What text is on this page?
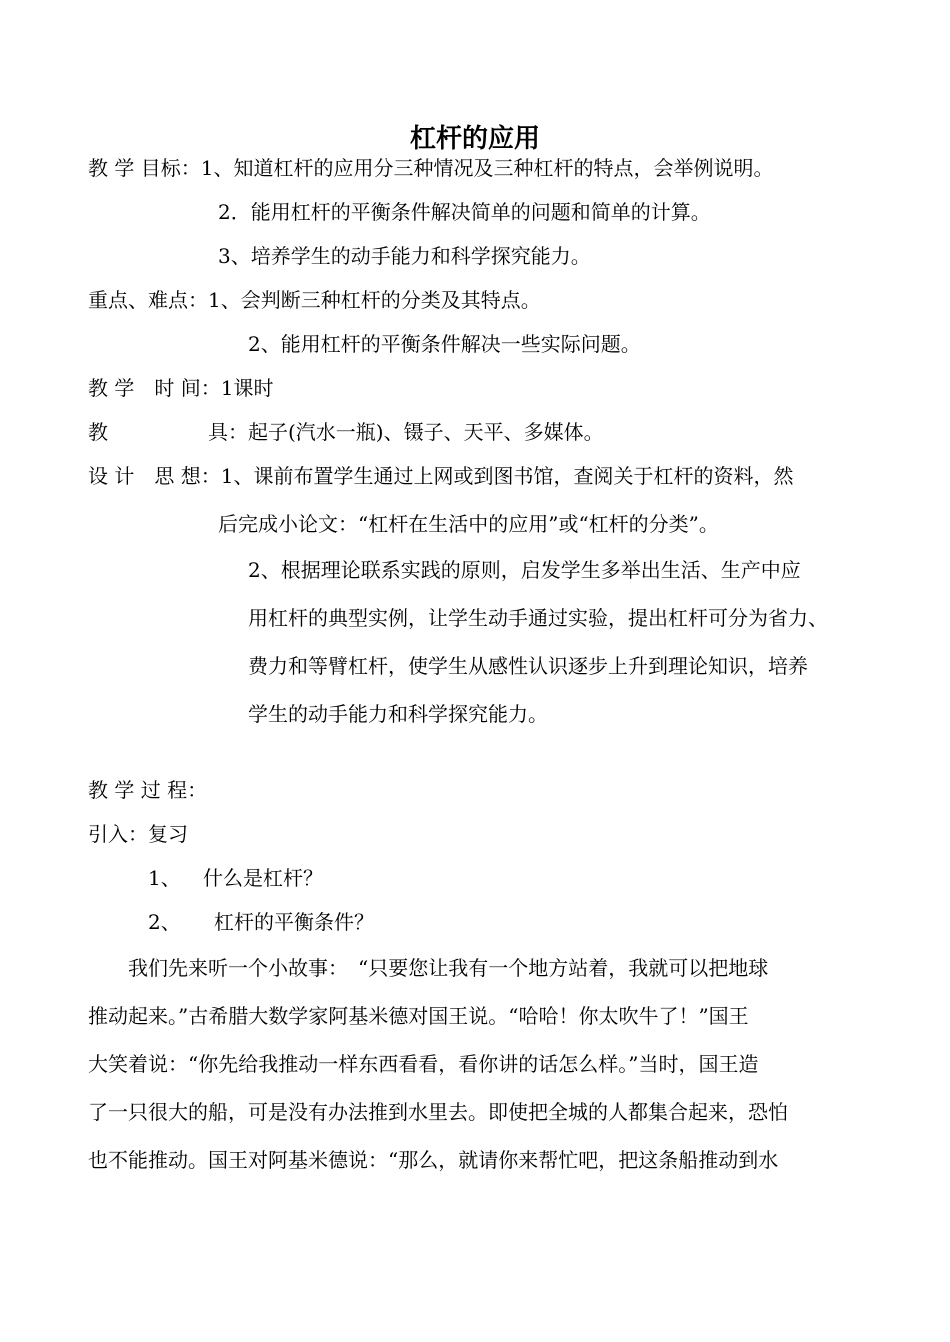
杠杆的应用
教 学 目标：1、知道杠杆的应用分三种情况及三种杠杆的特点，会举例说明。
2．能用杠杆的平衡条件解决简单的问题和简单的计算。
3、培养学生的动手能力和科学探究能力。
重点、难点：1、会判断三种杠杆的分类及其特点。
2、能用杠杆的平衡条件解决一些实际问题。
教 学　时 间：1课时
教　　　　　具：起子(汽水一瓶)、镊子、天平、多媒体。
设 计　思 想：1、课前布置学生通过上网或到图书馆，查阅关于杠杆的资料，然
后完成小论文：“杠杆在生活中的应用”或“杠杆的分类”。
2、根据理论联系实践的原则，启发学生多举出生活、生产中应
用杠杆的典型实例，让学生动手通过实验，提出杠杆可分为省力、
费力和等臂杠杆，使学生从感性认识逐步上升到理论知识，培养
学生的动手能力和科学探究能力。
教 学 过 程：
引入：复习
1、 什么是杠杆？
2、 杠杆的平衡条件？
我们先来听一个小故事：　“只要您让我有一个地方站着，我就可以把地球
推动起来。”古希腊大数学家阿基米德对国王说。“哈哈！你太吹牛了！”国王
大笑着说：“你先给我推动一样东西看看，看你讲的话怎么样。”当时，国王造
了一只很大的船，可是没有办法推到水里去。即使把全城的人都集合起来，恐怕
也不能推动。国王对阿基米德说：“那么，就请你来帮忙吧，把这条船推动到水
